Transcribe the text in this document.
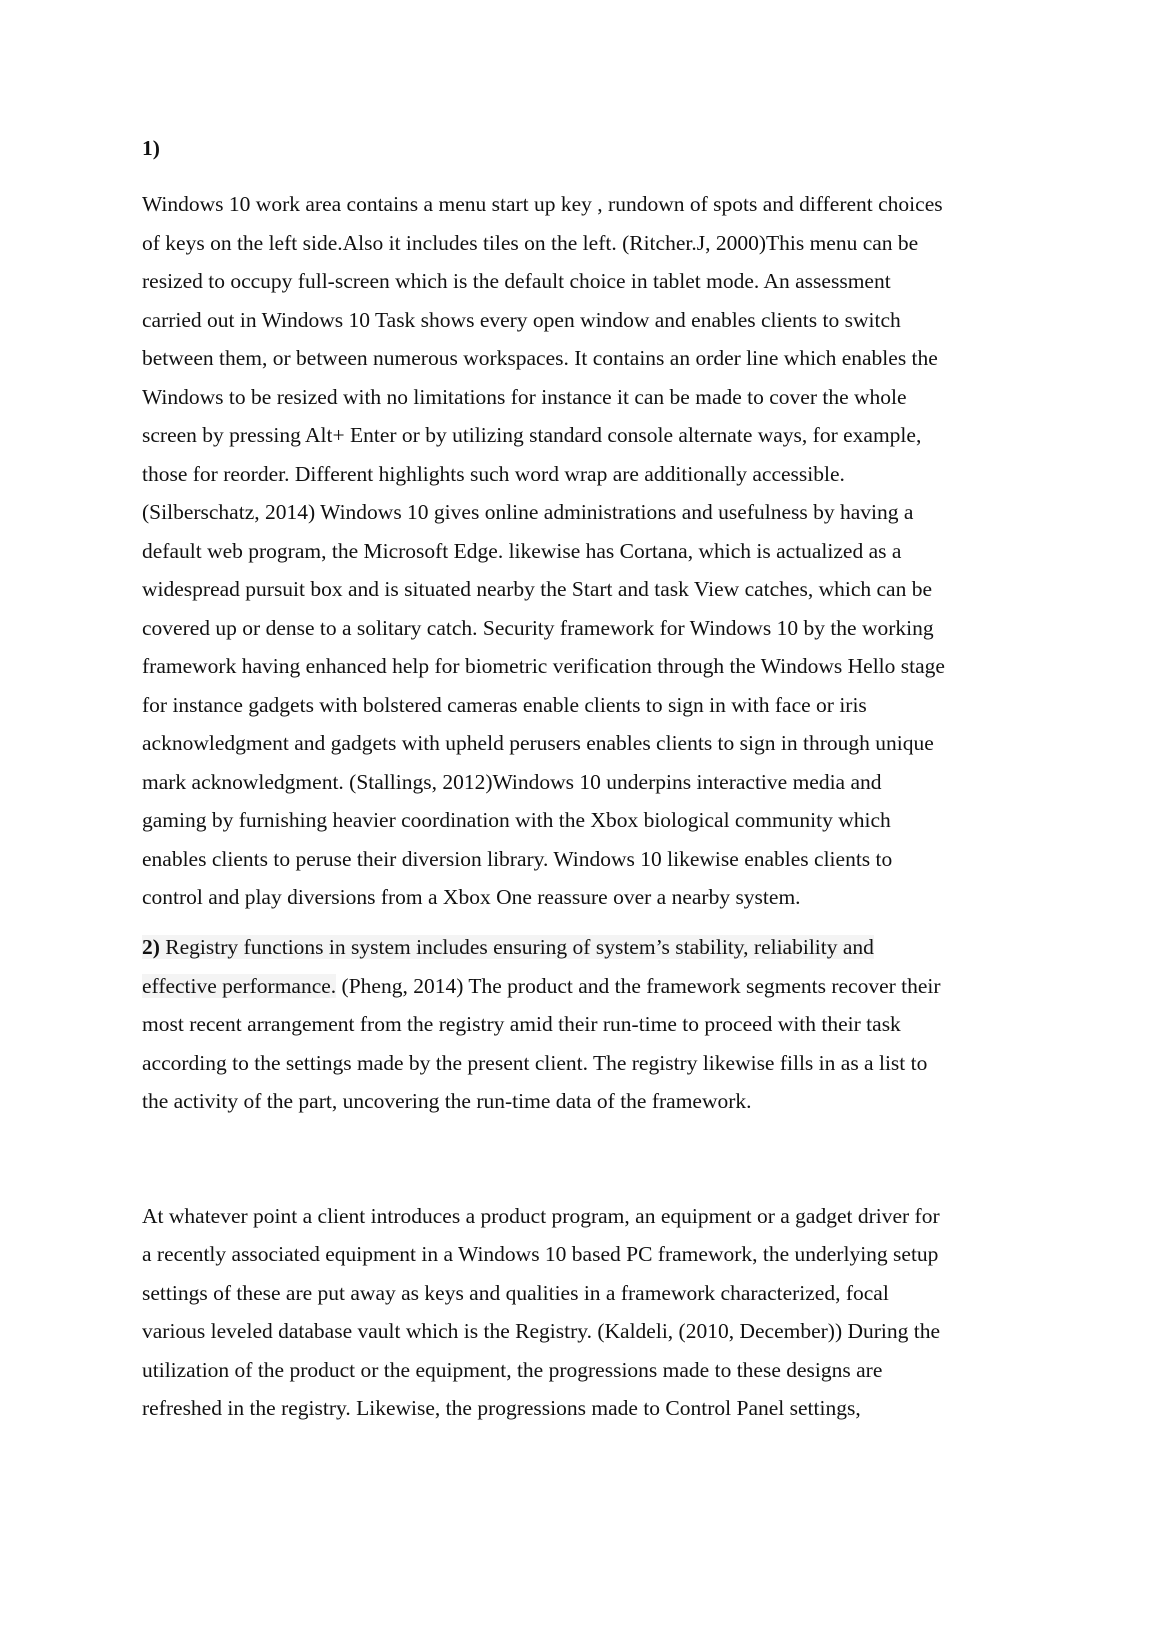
1)
Windows 10 work area contains a menu start up key , rundown of spots and different choices
of keys on the left side.Also it includes tiles on the left. (Ritcher.J, 2000)This menu can be
resized to occupy full-screen which is the default choice in tablet mode. An assessment
carried out in Windows 10 Task shows every open window and enables clients to switch
between them, or between numerous workspaces. It contains an order line which enables the
Windows to be resized with no limitations for instance it can be made to cover the whole
screen by pressing Alt+ Enter or by utilizing standard console alternate ways, for example,
those for reorder. Different highlights such word wrap are additionally accessible.
(Silberschatz, 2014) Windows 10 gives online administrations and usefulness by having a
default web program, the Microsoft Edge. likewise has Cortana, which is actualized as a
widespread pursuit box and is situated nearby the Start and task View catches, which can be
covered up or dense to a solitary catch. Security framework for Windows 10 by the working
framework having enhanced help for biometric verification through the Windows Hello stage
for instance gadgets with bolstered cameras enable clients to sign in with face or iris
acknowledgment and gadgets with upheld perusers enables clients to sign in through unique
mark acknowledgment. (Stallings, 2012)Windows 10 underpins interactive media and
gaming by furnishing heavier coordination with the Xbox biological community which
enables clients to peruse their diversion library. Windows 10 likewise enables clients to
control and play diversions from a Xbox One reassure over a nearby system.
2) Registry functions in system includes ensuring of system’s stability, reliability and
effective performance. (Pheng, 2014) The product and the framework segments recover their
most recent arrangement from the registry amid their run-time to proceed with their task
according to the settings made by the present client. The registry likewise fills in as a list to
the activity of the part, uncovering the run-time data of the framework.
At whatever point a client introduces a product program, an equipment or a gadget driver for
a recently associated equipment in a Windows 10 based PC framework, the underlying setup
settings of these are put away as keys and qualities in a framework characterized, focal
various leveled database vault which is the Registry. (Kaldeli, (2010, December)) During the
utilization of the product or the equipment, the progressions made to these designs are
refreshed in the registry. Likewise, the progressions made to Control Panel settings,
